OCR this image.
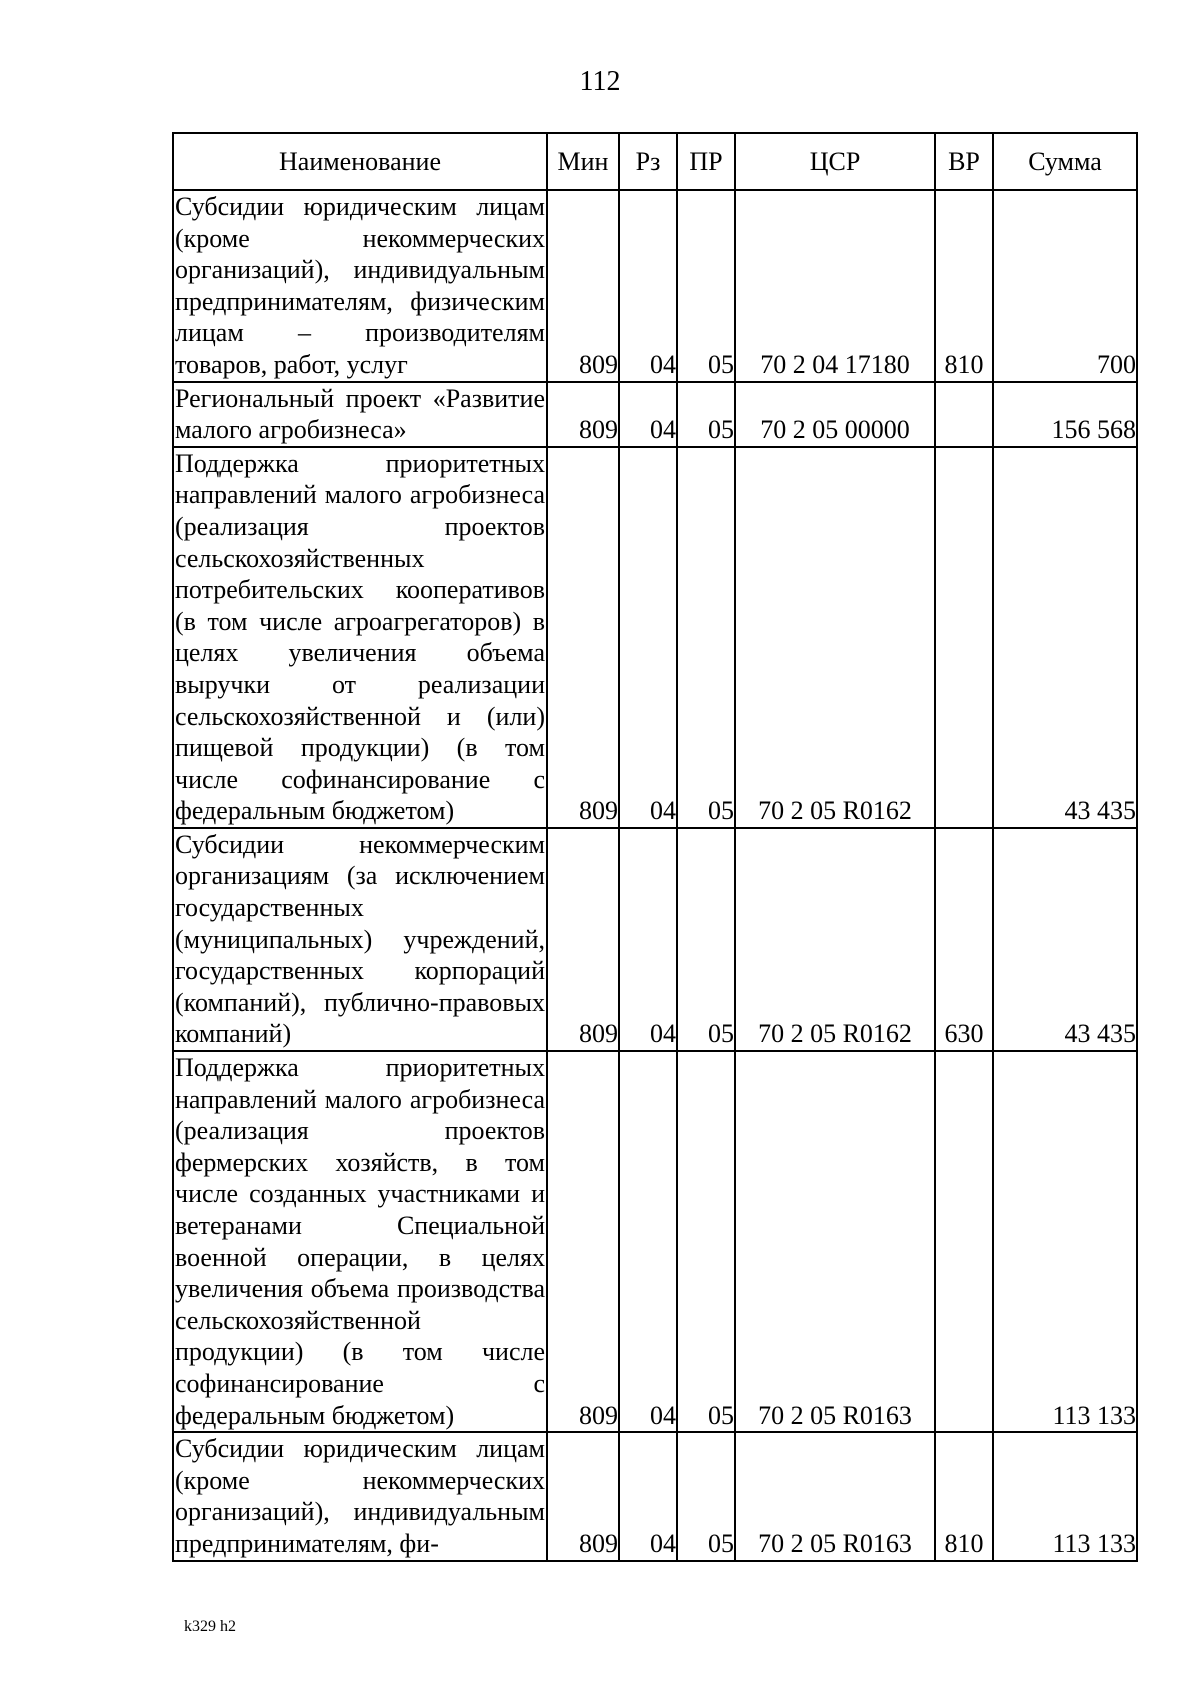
112
Наименование	Мин	Рз	ПР	ЦСР	ВР	Сумма
Субсидии юридическим лицам (кроме некоммерческих организаций), индивидуальным предпринимателям, физическим лицам – производителям товаров, работ, услуг	809	04	05	70 2 04 17180	810	700
Региональный проект «Развитие малого агробизнеса»	809	04	05	70 2 05 00000		156 568
Поддержка приоритетных направлений малого агробизнеса (реализация проектов сельскохозяйственных потребительских кооперативов (в том числе агроагрегаторов) в целях увеличения объема выручки от реализации сельскохозяйственной и (или) пищевой продукции) (в том числе софинансирование с федеральным бюджетом)	809	04	05	70 2 05 R0162		43 435
Субсидии некоммерческим организациям (за исключением государственных (муниципальных) учреждений, государственных корпораций (компаний), публично-правовых компаний)	809	04	05	70 2 05 R0162	630	43 435
Поддержка приоритетных направлений малого агробизнеса (реализация проектов фермерских хозяйств, в том числе созданных участниками и ветеранами Специальной военной операции, в целях увеличения объема производства сельскохозяйственной продукции) (в том числе софинансирование с федеральным бюджетом)	809	04	05	70 2 05 R0163		113 133
Субсидии юридическим лицам (кроме некоммерческих организаций), индивидуальным предпринимателям, фи-	809	04	05	70 2 05 R0163	810	113 133
k329 h2
